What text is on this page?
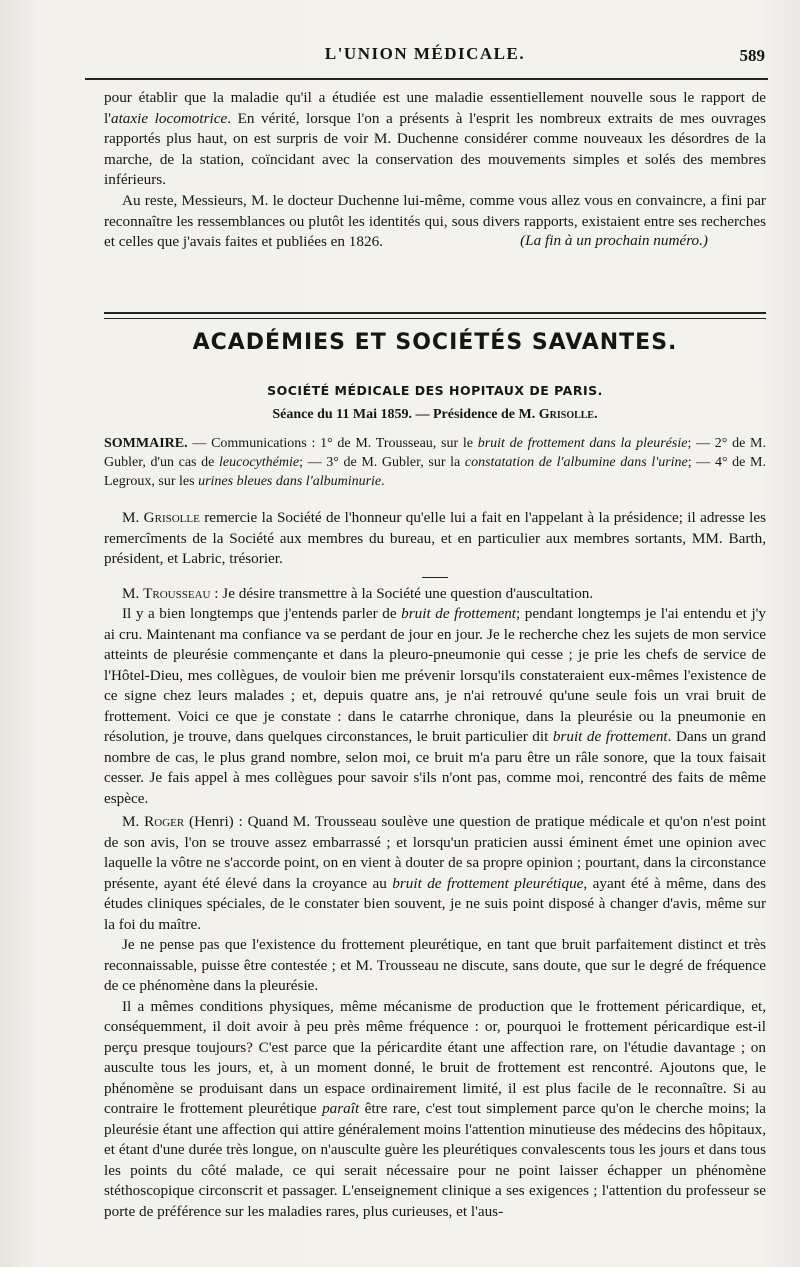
L'UNION MÉDICALE.	589

pour établir que la maladie qu'il a étudiée est une maladie essentiellement nouvelle sous le rapport de l'ataxie locomotrice. En vérité, lorsque l'on a présents à l'esprit les nombreux extraits de mes ouvrages rapportés plus haut, on est surpris de voir M. Duchenne considérer comme nouveaux les désordres de la marche, de la station, coïncidant avec la conservation des mouvements simples et solés des membres inférieurs.

Au reste, Messieurs, M. le docteur Duchenne lui-même, comme vous allez vous en convaincre, a fini par reconnaître les ressemblances ou plutôt les identités qui, sous divers rapports, existaient entre ses recherches et celles que j'avais faites et publiées en 1826.	(La fin à un prochain numéro.)

ACADÉMIES ET SOCIÉTÉS SAVANTES.
SOCIÉTÉ MÉDICALE DES HOPITAUX DE PARIS.
Séance du 11 Mai 1859. — Présidence de M. Grisolle.
SOMMAIRE. — Communications : 1° de M. Trousseau, sur le bruit de frottement dans la pleurésie; — 2° de M. Gubler, d'un cas de leucocythémie; — 3° de M. Gubler, sur la constatation de l'albumine dans l'urine; — 4° de M. Legroux, sur les urines bleues dans l'albuminurie.

M. Grisolle remercie la Société de l'honneur qu'elle lui a fait en l'appelant à la présidence; il adresse les remercîments de la Société aux membres du bureau, et en particulier aux membres sortants, MM. Barth, président, et Labric, trésorier.

M. Trousseau : Je désire transmettre à la Société une question d'auscultation.

Il y a bien longtemps que j'entends parler de bruit de frottement; pendant longtemps je l'ai entendu et j'y ai cru. Maintenant ma confiance va se perdant de jour en jour. Je le recherche chez les sujets de mon service atteints de pleurésie commençante et dans la pleuro-pneumonie qui cesse ; je prie les chefs de service de l'Hôtel-Dieu, mes collègues, de vouloir bien me prévenir lorsqu'ils constateraient eux-mêmes l'existence de ce signe chez leurs malades ; et, depuis quatre ans, je n'ai retrouvé qu'une seule fois un vrai bruit de frottement. Voici ce que je constate : dans le catarrhe chronique, dans la pleurésie ou la pneumonie en résolution, je trouve, dans quelques circonstances, le bruit particulier dit bruit de frottement. Dans un grand nombre de cas, le plus grand nombre, selon moi, ce bruit m'a paru être un râle sonore, que la toux faisait cesser. Je fais appel à mes collègues pour savoir s'ils n'ont pas, comme moi, rencontré des faits de même espèce.

M. Roger (Henri) : Quand M. Trousseau soulève une question de pratique médicale et qu'on n'est point de son avis, l'on se trouve assez embarrassé ; et lorsqu'un praticien aussi éminent émet une opinion avec laquelle la vôtre ne s'accorde point, on en vient à douter de sa propre opinion ; pourtant, dans la circonstance présente, ayant été élevé dans la croyance au bruit de frottement pleurétique, ayant été à même, dans des études cliniques spéciales, de le constater bien souvent, je ne suis point disposé à changer d'avis, même sur la foi du maître.

Je ne pense pas que l'existence du frottement pleurétique, en tant que bruit parfaitement distinct et très reconnaissable, puisse être contestée ; et M. Trousseau ne discute, sans doute, que sur le degré de fréquence de ce phénomène dans la pleurésie.

Il a mêmes conditions physiques, même mécanisme de production que le frottement péricardique, et, conséquemment, il doit avoir à peu près même fréquence : or, pourquoi le frottement péricardique est-il perçu presque toujours? C'est parce que la péricardite étant une affection rare, on l'étudie davantage ; on ausculte tous les jours, et, à un moment donné, le bruit de frottement est rencontré. Ajoutons que, le phénomène se produisant dans un espace ordinairement limité, il est plus facile de le reconnaître. Si au contraire le frottement pleurétique paraît être rare, c'est tout simplement parce qu'on le cherche moins; la pleurésie étant une affection qui attire généralement moins l'attention minutieuse des médecins des hôpitaux, et étant d'une durée très longue, on n'ausculte guère les pleurétiques convalescents tous les jours et dans tous les points du côté malade, ce qui serait nécessaire pour ne point laisser échapper un phénomène stéthoscopique circonscrit et passager. L'enseignement clinique a ses exigences ; l'attention du professeur se porte de préférence sur les maladies rares, plus curieuses, et l'aus-
